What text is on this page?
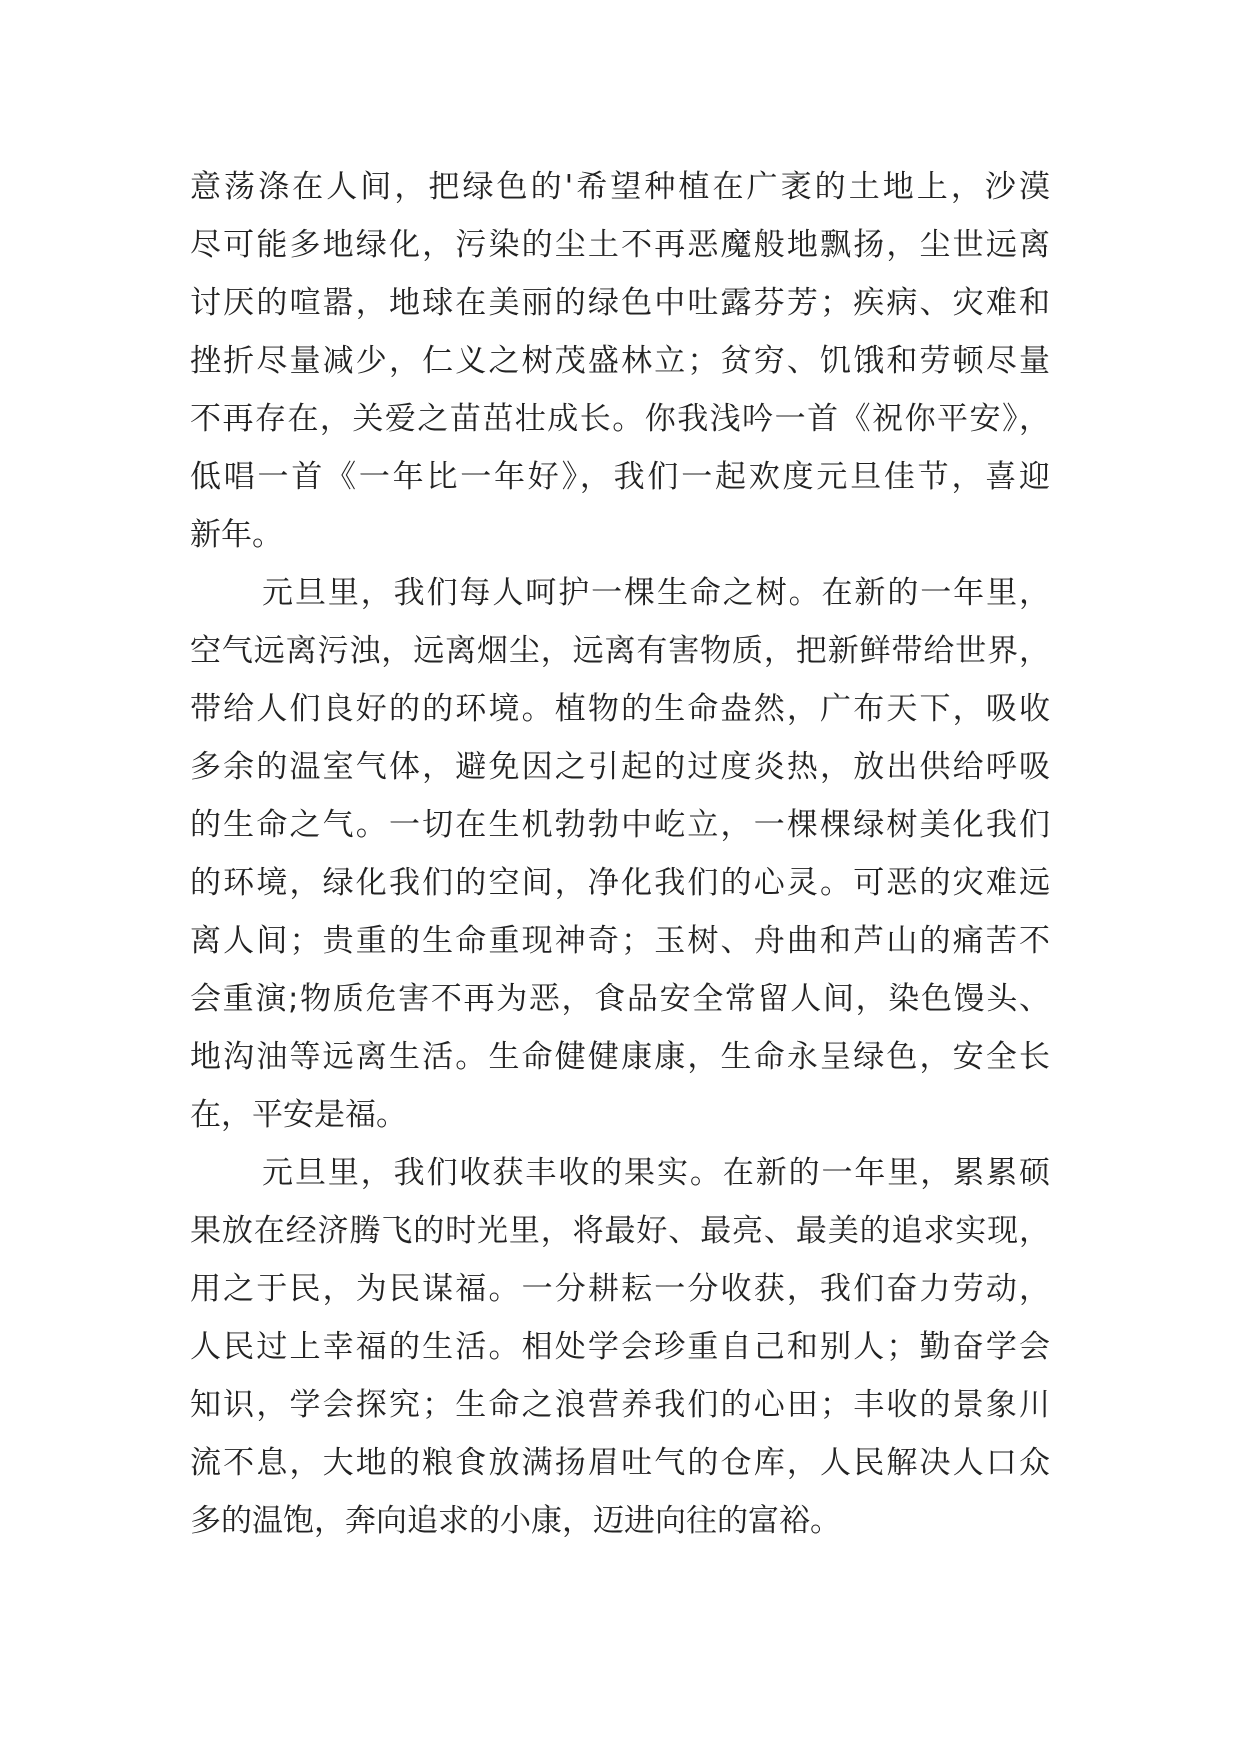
意荡涤在人间，把绿色的'希望种植在广袤的土地上，沙漠
尽可能多地绿化，污染的尘土不再恶魔般地飘扬，尘世远离
讨厌的喧嚣，地球在美丽的绿色中吐露芬芳；疾病、灾难和
挫折尽量减少，仁义之树茂盛林立；贫穷、饥饿和劳顿尽量
不再存在，关爱之苗茁壮成长。你我浅吟一首《祝你平安》，
低唱一首《一年比一年好》，我们一起欢度元旦佳节，喜迎
新年。
元旦里，我们每人呵护一棵生命之树。在新的一年里，
空气远离污浊，远离烟尘，远离有害物质，把新鲜带给世界，
带给人们良好的的环境。植物的生命盎然，广布天下，吸收
多余的温室气体，避免因之引起的过度炎热，放出供给呼吸
的生命之气。一切在生机勃勃中屹立，一棵棵绿树美化我们
的环境，绿化我们的空间，净化我们的心灵。可恶的灾难远
离人间；贵重的生命重现神奇；玉树、舟曲和芦山的痛苦不
会重演;物质危害不再为恶，食品安全常留人间，染色馒头、
地沟油等远离生活。生命健健康康，生命永呈绿色，安全长
在，平安是福。
元旦里，我们收获丰收的果实。在新的一年里，累累硕
果放在经济腾飞的时光里，将最好、最亮、最美的追求实现，
用之于民，为民谋福。一分耕耘一分收获，我们奋力劳动，
人民过上幸福的生活。相处学会珍重自己和别人；勤奋学会
知识，学会探究；生命之浪营养我们的心田；丰收的景象川
流不息，大地的粮食放满扬眉吐气的仓库，人民解决人口众
多的温饱，奔向追求的小康，迈进向往的富裕。
